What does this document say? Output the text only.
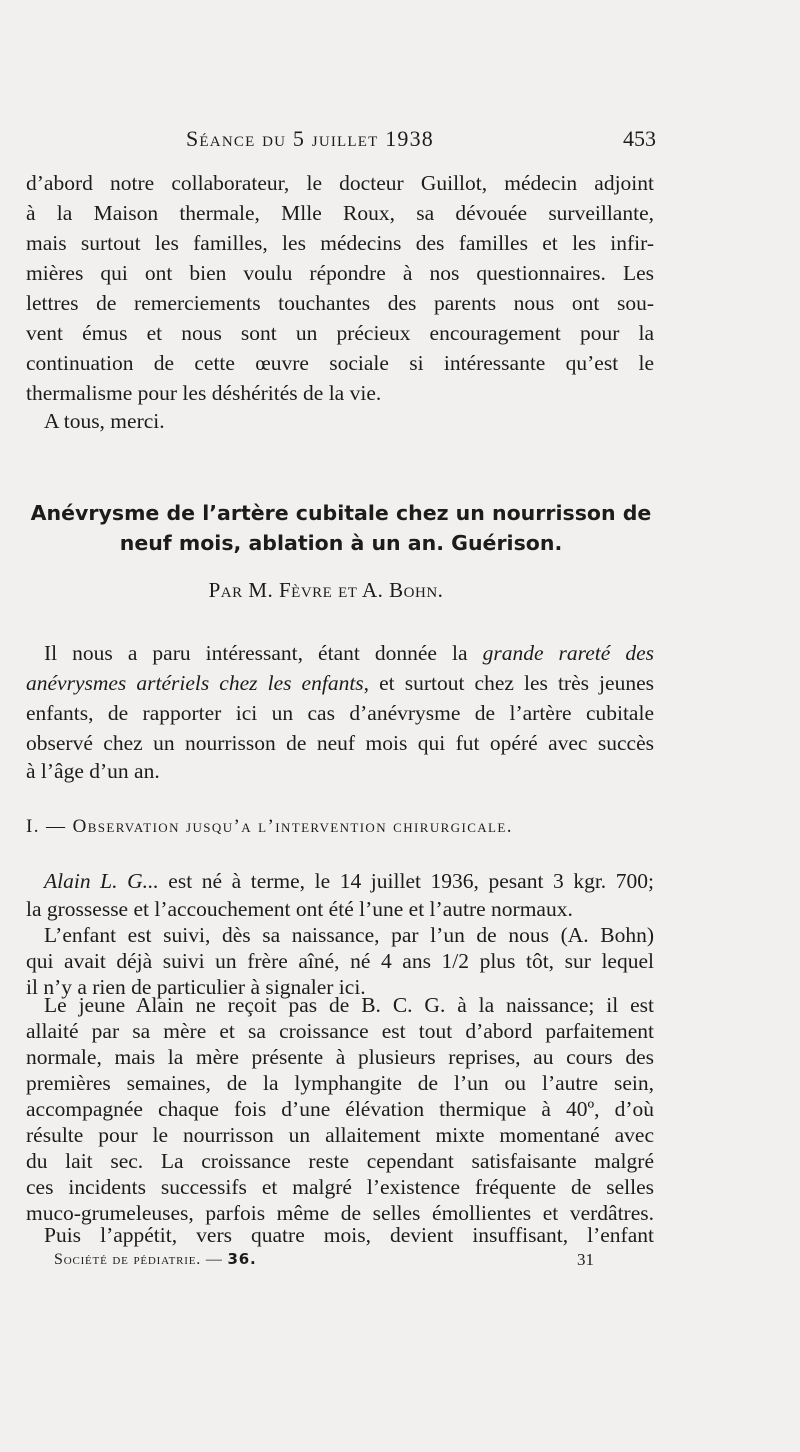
Séance du 5 juillet 1938	453
d’abord notre collaborateur, le docteur Guillot, médecin adjoint
à la Maison thermale, Mlle Roux, sa dévouée surveillante,
mais surtout les familles, les médecins des familles et les infir-
mières qui ont bien voulu répondre à nos questionnaires. Les
lettres de remerciements touchantes des parents nous ont sou-
vent émus et nous sont un précieux encouragement pour la
continuation de cette œuvre sociale si intéressante qu’est le
thermalisme pour les déshérités de la vie.
A tous, merci.
Anévrysme de l’artère cubitale chez un nourrisson de
neuf mois, ablation à un an. Guérison.
Par M. Fèvre et A. Bohn.
Il nous a paru intéressant, étant donnée la grande rareté des
anévrysmes artériels chez les enfants, et surtout chez les très jeunes
enfants, de rapporter ici un cas d’anévrysme de l’artère cubitale
observé chez un nourrisson de neuf mois qui fut opéré avec succès
à l’âge d’un an.
I. — Observation jusqu’a l’intervention chirurgicale.
Alain L. G... est né à terme, le 14 juillet 1936, pesant 3 kgr. 700;
la grossesse et l’accouchement ont été l’une et l’autre normaux.
L’enfant est suivi, dès sa naissance, par l’un de nous (A. Bohn)
qui avait déjà suivi un frère aîné, né 4 ans 1/2 plus tôt, sur lequel
il n’y a rien de particulier à signaler ici.
Le jeune Alain ne reçoit pas de B. C. G. à la naissance; il est
allaité par sa mère et sa croissance est tout d’abord parfaitement
normale, mais la mère présente à plusieurs reprises, au cours des
premières semaines, de la lymphangite de l’un ou l’autre sein,
accompagnée chaque fois d’une élévation thermique à 40º, d’où
résulte pour le nourrisson un allaitement mixte momentané avec
du lait sec. La croissance reste cependant satisfaisante malgré
ces incidents successifs et malgré l’existence fréquente de selles
muco-grumeleuses, parfois même de selles émollientes et verdâtres.
Puis l’appétit, vers quatre mois, devient insuffisant, l’enfant
Société de pédiatrie. — 36.	31
